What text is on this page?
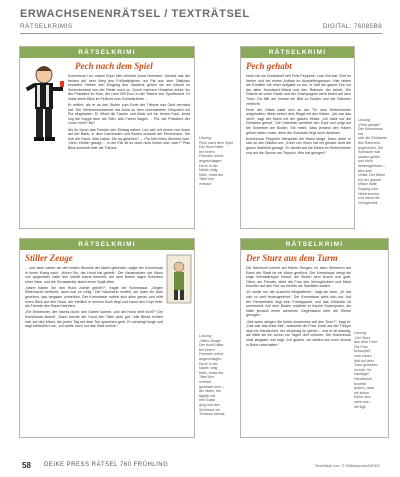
ERWACHSENENRÄTSEL / TEXTRÄTSEL
RÄTSELKRIMIS	DIGITAL: 76085B8
RÄTSELKRIMI
Pech nach dem Spiel

Kommissar Leo macht Kripo Nils verdutzt Anna Normann. Gerade war die beiden auf dem Weg des Fußballplatzes, wo Pia aus dem Olafplatz erwarten. Neben den Eingang des Stadions gehen sie am Abend im Schlenkenbad von der Partie noch zu. Durch mehrere Hinweise erfuhr ihn der Präsident im Klub, der rund 300 Euro in der Tasche von Sportfreund. Er zückt einen Blick im Flutlicht zum Schiedsrichter ...

Er erfährt, als er an den Stufen zum Ende der Tribüne das Geld vermisst hat. Der Vereinsvorsitzende hat Anna zu dem unerwarteten Gespräch mit Pia eingeladen. Er öffnet die Tasche und blickt auf ein leeres Fach. Anna zog die Kappe über die Stirn: Alte Fahrer klagen ... Pia, der Präsident der Leute nicht? Na?

Als ihr durch das Fenster den Eintrag sahen, Leo saß mit einem von ihnen auf der Bank, in dem Dachboden und Boden schaute der Ehrenmann. Sie hob die Hand. Was haben Sie da gesehen? ... Pia hält einen Moment inne. „Nein, ehrlich gesagt ... in der Eile ist es doch nicht immer klar, oder?“ Pias Blick schweift über die Tribüne.

Lösung:

Pech nach dem Spiel

Der Hund hätte

bei einem

Fremden sofort

angeschlagen.

Da er in der

Nacht ruhig

blieb, muss der

Täter ihm

vertraut

RÄTSELKRIMI
Pech gehabt

Noch nie ein Dunkelheit seit Felix Pepperle: Lore Voll war Chef im Atelier und bei einem Aufbau im Ausstellungsraum. Hier lasten die Künstler mit einer Aufgabe zu tun: er hält die ganze Zeit vor der alten Kunstwerk-Wand und den Rahmen der Arbeit. Die Galerie ist voller Gäste und der Champagner steht bereit auf dem Tisch. Da fällt auf einmal ein Bild zu Boden und der Rahmen zerbricht.

Einer der Gäste hatte sich an der Tür zum Hinterzimmer aufgehalten, direkt neben dem Regal mit den Kisten. „Ich war das nicht“, sagt der Mann mit der grauen Mütze. „Ich habe nur die Getränke geholt.“ Die Galeristin schüttelt den Kopf und zeigt auf die Scherben am Boden. Sie meint, dass jemand den Haken gelöst haben muss, denn die Schraube liegt noch daneben.

Kommissar Pepperle betrachtet die Wand lange. Dann dreht er sich zu den Gästen um: „Einer von Ihnen hat mir gerade nicht die ganze Wahrheit gesagt.“ Er deutet auf die Kisten im Hinterzimmer und auf die Spuren am Teppich. Wer hat gelogen?

Lösung:

„Pech gehabt“

Der Kommissar hat

sich die Rückseite

des Rahmens

angesehen. Die

Schraube war

sauber gelöst

und nicht

herausgerissen –

also kein

Unfall. Der Mann

mit der grauen

Mütze hatte

Zugang zum

Hinterzimmer

und damit die

Gelegenheit.

RÄTSELKRIMI
Stiller Zeuge

... und dann haben wir den ersten Hinweis der Nacht gefunden, sagte der Kommissar in Ihrem Klang nach. „Hören Sie, der Hund hat gebellt.“ Der Hausmeister, der Mann von gegenüber, hatte den Vorfall zuerst bemerkt. Auf dem Boden lagen Scherben einer Vase, und die Terrassentür stand einen Spalt offen.

„Wann haben Sie den Hund zuletzt gehört?“, fragte der Kommissar. „Gegen Mitternacht vielleicht, dann war es ruhig.“ Die Nachbarin erzählt, sie habe ein Auto gesehen, das langsam vorbeifuhr. Der Kommissar notiert sich alles genau und wirft einen Blick auf den Hund, der friedlich in seinem Korb liegt und kaum den Kopf hebt, als Fremde den Raum betreten.

„Ein Einbrecher, der nachts durch den Garten kommt, und der Hund bellt nicht?“ Der Kommissar lächelt. „Dann kannte der Hund den Täter wohl gut.“ Alle Blicke richten sich auf den Mann, der jeden Tag mit dem Tier spazieren geht. Er schweigt lange und sagt schließlich nur: „Ich wollte doch nur das Geld zurück.“

Lösung:

„Stiller Zeuge“

Der Hund hätte

bei einem

Fremden sofort

angeschlagen.

Da er in der

Nacht ruhig

blieb, muss der

Täter ihm

vertraut

gewesen sein –

der Mann, der

täglich mit

ihm Gassi

ging und den

Schlüssel zur

Terrasse kannte.

RÄTSELKRIMI
Der Sturz aus dem Turm

Die Nachricht kommt am frühen Morgen: Im alten Wehrturm am Rand der Stadt ist ein Mann gestürzt. Der Kommissar steigt die enge Wendeltreppe hinauf, die Stufen sind feucht und glatt. Oben, am Fenster, steht die Frau des Verunglückten und blickt hinunter auf den Hof, wo bereits die Sanitäter warten.

„Er wollte nur die Aussicht fotografieren“, sagt sie leise. „Er hat sich zu weit hinausgelehnt.“ Der Kommissar sieht sich um. Auf der Fensterbank liegt kein Fotoapparat, und das Geländer ist unversehrt. Auf dem Boden entdeckt er frische Kratzspuren, als hätte jemand einen schweren Gegenstand über die Steine gezogen.

„Seit wann steigen Sie beide zusammen auf den Turm?“, fragt er. „Das war das erste Mal“, antwortet die Frau. Doch auf der Treppe liegt ein Handschuh, der eindeutig ihr gehört – und er ist staubig, als hätte sie ihn schon vor Tagen dort verloren. Der Kommissar nickt langsam und sagt: „Ich glaube, wir sollten uns noch einmal in Ruhe unterhalten.“

Lösung:

„Der Sturz

aus dem Turm“

Die Frau

behauptet,

zum ersten

Mal auf dem

Turm gewesen

zu sein. Ihr

staubiger

Handschuh

beweist

jedoch, dass

sie schon

früher dort

oben war –

sie lügt.

58 DEIKE PRESS RÄTSEL 760 FRÜHLING	Texträtsel von: © Rätselpress/DEIKE
